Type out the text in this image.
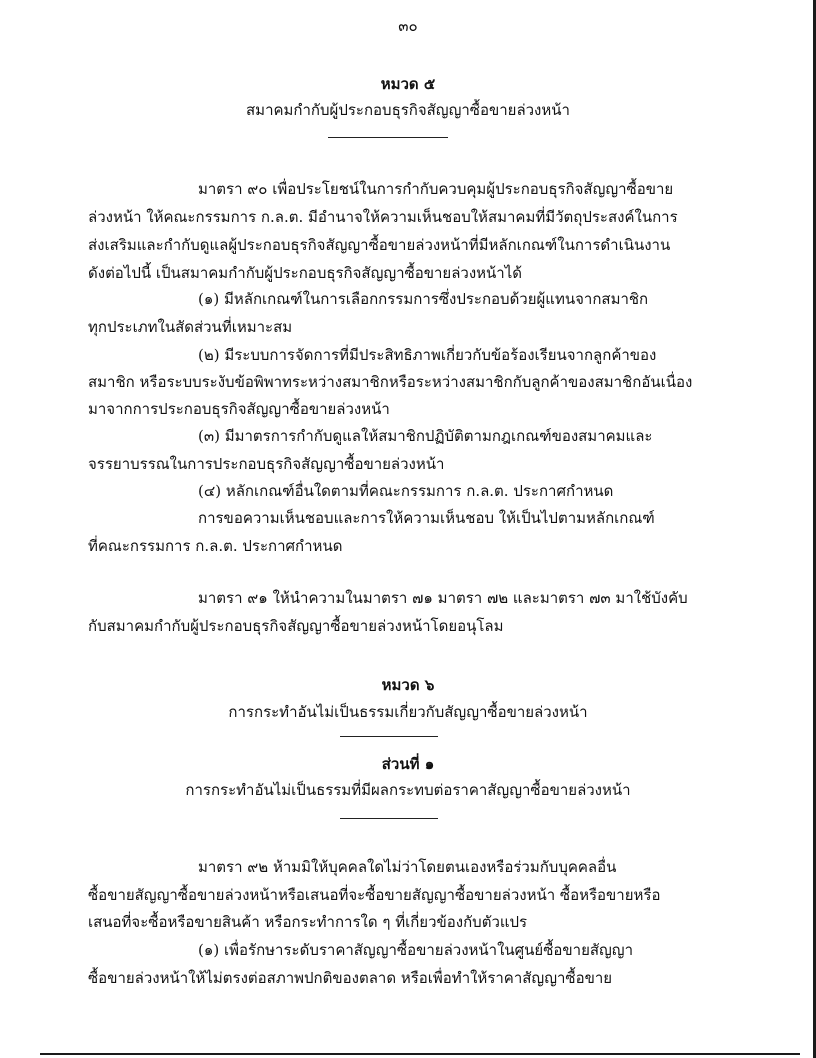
๓๐
หมวด ๕
สมาคมกำกับผู้ประกอบธุรกิจสัญญาซื้อขายล่วงหน้า
มาตรา ๙๐ เพื่อประโยชน์ในการกำกับควบคุมผู้ประกอบธุรกิจสัญญาซื้อขาย
ล่วงหน้า ให้คณะกรรมการ ก.ล.ต. มีอำนาจให้ความเห็นชอบให้สมาคมที่มีวัตถุประสงค์ในการ
ส่งเสริมและกำกับดูแลผู้ประกอบธุรกิจสัญญาซื้อขายล่วงหน้าที่มีหลักเกณฑ์ในการดำเนินงาน
ดังต่อไปนี้ เป็นสมาคมกำกับผู้ประกอบธุรกิจสัญญาซื้อขายล่วงหน้าได้
(๑) มีหลักเกณฑ์ในการเลือกกรรมการซึ่งประกอบด้วยผู้แทนจากสมาชิก
ทุกประเภทในสัดส่วนที่เหมาะสม
(๒) มีระบบการจัดการที่มีประสิทธิภาพเกี่ยวกับข้อร้องเรียนจากลูกค้าของ
สมาชิก หรือระบบระงับข้อพิพาทระหว่างสมาชิกหรือระหว่างสมาชิกกับลูกค้าของสมาชิกอันเนื่อง
มาจากการประกอบธุรกิจสัญญาซื้อขายล่วงหน้า
(๓) มีมาตรการกำกับดูแลให้สมาชิกปฏิบัติตามกฎเกณฑ์ของสมาคมและ
จรรยาบรรณในการประกอบธุรกิจสัญญาซื้อขายล่วงหน้า
(๔) หลักเกณฑ์อื่นใดตามที่คณะกรรมการ ก.ล.ต. ประกาศกำหนด
การขอความเห็นชอบและการให้ความเห็นชอบ ให้เป็นไปตามหลักเกณฑ์
ที่คณะกรรมการ ก.ล.ต. ประกาศกำหนด
มาตรา ๙๑ ให้นำความในมาตรา ๗๑ มาตรา ๗๒ และมาตรา ๗๓ มาใช้บังคับ
กับสมาคมกำกับผู้ประกอบธุรกิจสัญญาซื้อขายล่วงหน้าโดยอนุโลม
หมวด ๖
การกระทำอันไม่เป็นธรรมเกี่ยวกับสัญญาซื้อขายล่วงหน้า
ส่วนที่ ๑
การกระทำอันไม่เป็นธรรมที่มีผลกระทบต่อราคาสัญญาซื้อขายล่วงหน้า
มาตรา ๙๒ ห้ามมิให้บุคคลใดไม่ว่าโดยตนเองหรือร่วมกับบุคคลอื่น
ซื้อขายสัญญาซื้อขายล่วงหน้าหรือเสนอที่จะซื้อขายสัญญาซื้อขายล่วงหน้า ซื้อหรือขายหรือ
เสนอที่จะซื้อหรือขายสินค้า หรือกระทำการใด ๆ ที่เกี่ยวข้องกับตัวแปร
(๑) เพื่อรักษาระดับราคาสัญญาซื้อขายล่วงหน้าในศูนย์ซื้อขายสัญญา
ซื้อขายล่วงหน้าให้ไม่ตรงต่อสภาพปกติของตลาด หรือเพื่อทำให้ราคาสัญญาซื้อขาย
